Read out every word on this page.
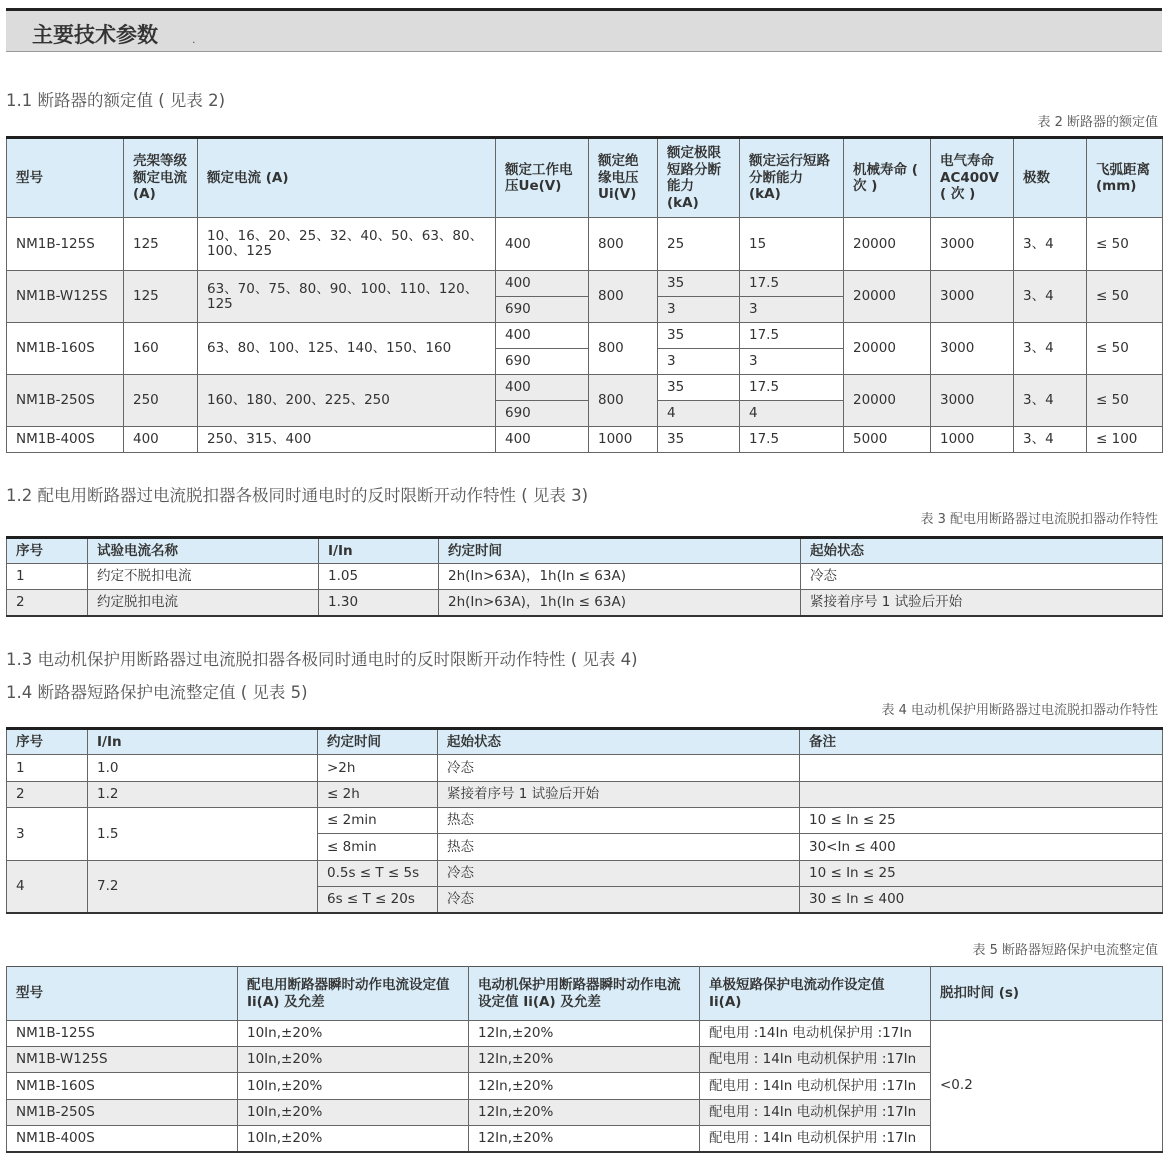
主要技术参数	.
1.1 断路器的额定值 ( 见表 2)
表 2 断路器的额定值
型号	壳架等级额定电流 (A)	额定电流 (A)	额定工作电压Ue(V)	额定绝缘电压Ui(V)	额定极限短路分断能力 (kA)	额定运行短路分断能力 (kA)	机械寿命 ( 次 )	电气寿命AC400V ( 次 )	极数	飞弧距离 (mm)
NM1B-125S	125	10、16、20、25、32、40、50、63、80、100、125	400	800	25	15	20000	3000	3、4	≤ 50
NM1B-W125S	125	63、70、75、80、90、100、110、120、125	400	800	35	17.5	20000	3000	3、4	≤ 50
			690		3	3				
NM1B-160S	160	63、80、100、125、140、150、160	400	800	35	17.5	20000	3000	3、4	≤ 50
			690		3	3				
NM1B-250S	250	160、180、200、225、250	400	800	35	17.5	20000	3000	3、4	≤ 50
			690		4	4				
NM1B-400S	400	250、315、400	400	1000	35	17.5	5000	1000	3、4	≤ 100
1.2 配电用断路器过电流脱扣器各极同时通电时的反时限断开动作特性 ( 见表 3)
表 3 配电用断路器过电流脱扣器动作特性
序号	试验电流名称	I/In	约定时间	起始状态
1	约定不脱扣电流	1.05	2h(In>63A)，1h(In ≤ 63A)	冷态
2	约定脱扣电流	1.30	2h(In>63A)，1h(In ≤ 63A)	紧接着序号 1 试验后开始
1.3 电动机保护用断路器过电流脱扣器各极同时通电时的反时限断开动作特性 ( 见表 4)
1.4 断路器短路保护电流整定值 ( 见表 5)
表 4 电动机保护用断路器过电流脱扣器动作特性
序号	I/In	约定时间	起始状态	备注
1	1.0	>2h	冷态	
2	1.2	≤ 2h	紧接着序号 1 试验后开始	
3	1.5	≤ 2min	热态	10 ≤ In ≤ 25
		≤ 8min	热态	30<In ≤ 400
4	7.2	0.5s ≤ T ≤ 5s	冷态	10 ≤ In ≤ 25
		6s ≤ T ≤ 20s	冷态	30 ≤ In ≤ 400
表 5 断路器短路保护电流整定值
型号	配电用断路器瞬时动作电流设定值 Ii(A) 及允差	电动机保护用断路器瞬时动作电流设定值 Ii(A) 及允差	单极短路保护电流动作设定值 Ii(A)	脱扣时间 (s)
NM1B-125S	10In,±20%	12In,±20%	配电用 :14In 电动机保护用 :17In	<0.2
NM1B-W125S	10In,±20%	12In,±20%	配电用 : 14In 电动机保护用 :17In	
NM1B-160S	10In,±20%	12In,±20%	配电用 : 14In 电动机保护用 :17In	
NM1B-250S	10In,±20%	12In,±20%	配电用 : 14In 电动机保护用 :17In	
NM1B-400S	10In,±20%	12In,±20%	配电用 : 14In 电动机保护用 :17In	
